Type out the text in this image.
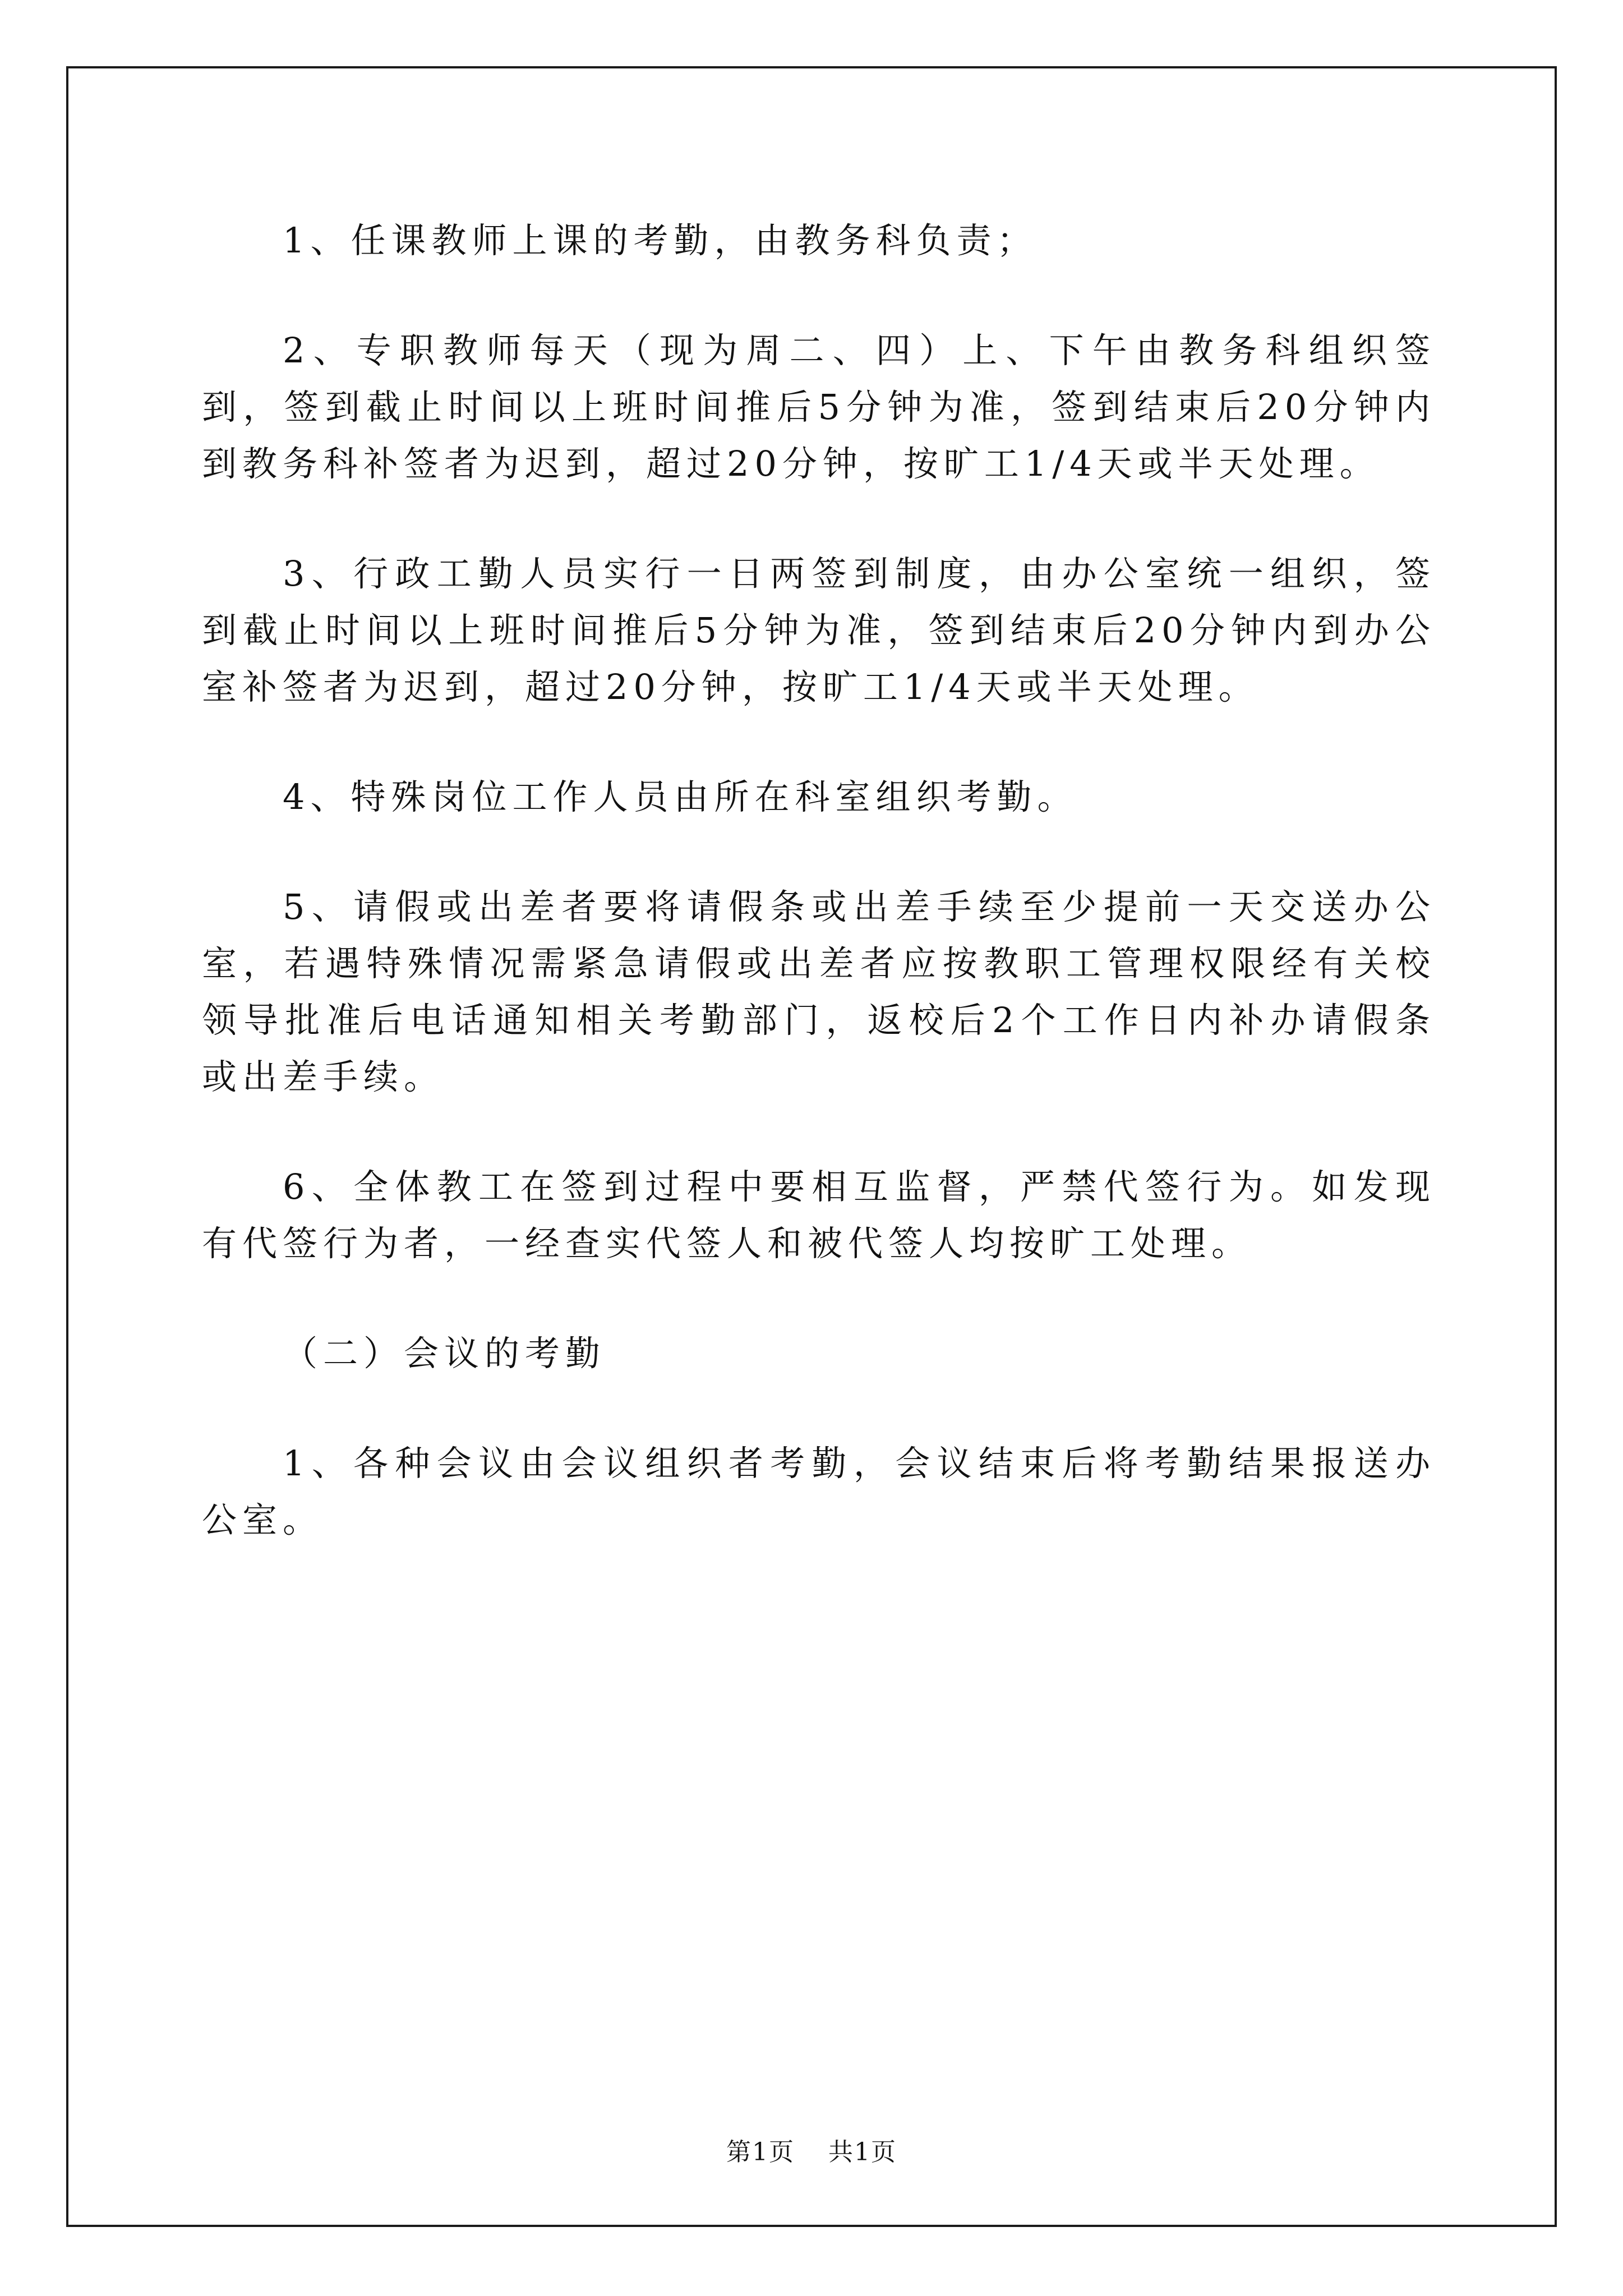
1、任课教师上课的考勤，由教务科负责；

2、专职教师每天（现为周二、四）上、下午由教务科组织签到，签到截止时间以上班时间推后5分钟为准，签到结束后20分钟内到教务科补签者为迟到，超过20分钟，按旷工1/4天或半天处理。

3、行政工勤人员实行一日两签到制度，由办公室统一组织，签到截止时间以上班时间推后5分钟为准，签到结束后20分钟内到办公室补签者为迟到，超过20分钟，按旷工1/4天或半天处理。

4、特殊岗位工作人员由所在科室组织考勤。

5、请假或出差者要将请假条或出差手续至少提前一天交送办公室，若遇特殊情况需紧急请假或出差者应按教职工管理权限经有关校领导批准后电话通知相关考勤部门，返校后2个工作日内补办请假条或出差手续。

6、全体教工在签到过程中要相互监督，严禁代签行为。如发现有代签行为者，一经查实代签人和被代签人均按旷工处理。

（二）会议的考勤

1、各种会议由会议组织者考勤，会议结束后将考勤结果报送办公室。

第1页 共1页
